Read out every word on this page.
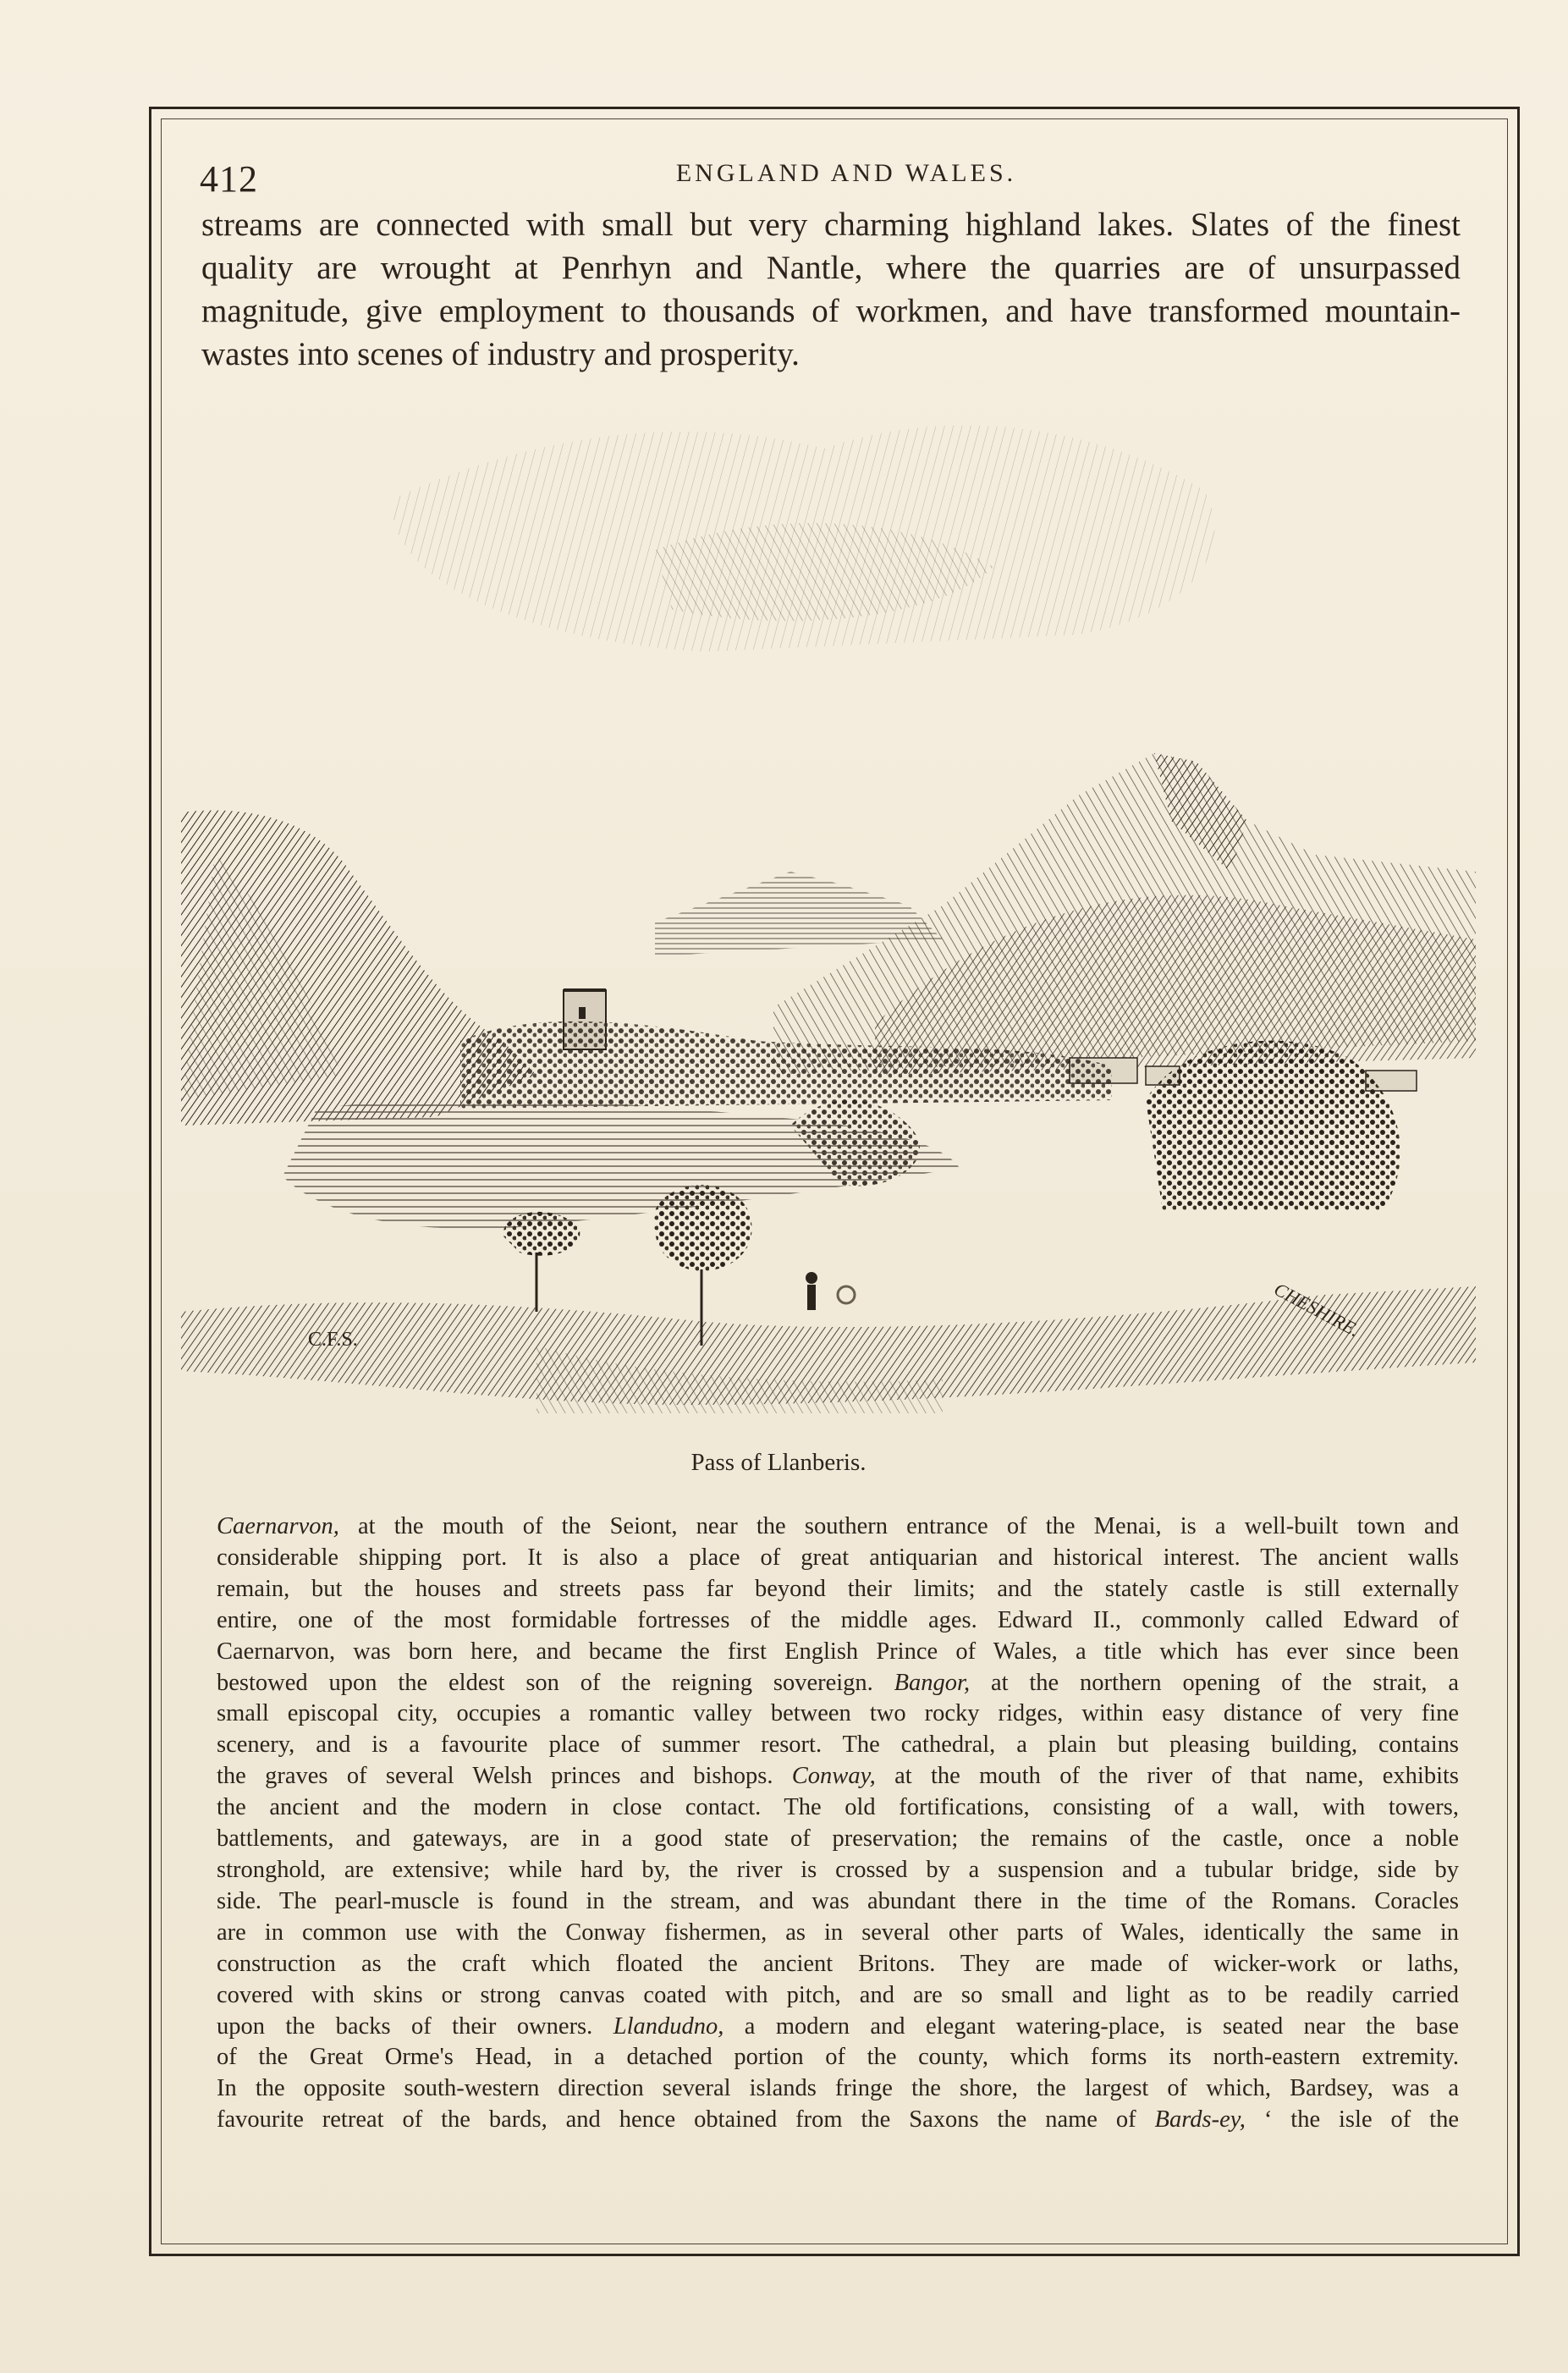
412	ENGLAND AND WALES.
streams are connected with small but very charming highland lakes. Slates of the finest
quality are wrought at Penrhyn and Nantle, where the quarries are of unsurpassed
magnitude, give employment to thousands of workmen, and have transformed mountain-
wastes into scenes of industry and prosperity.
C.F.S.	CHESHIRE.
Pass of Llanberis.
Caernarvon, at the mouth of the Seiont, near the southern entrance of the Menai, is a well-built town and
considerable shipping port. It is also a place of great antiquarian and historical interest. The ancient walls
remain, but the houses and streets pass far beyond their limits; and the stately castle is still externally
entire, one of the most formidable fortresses of the middle ages. Edward II., commonly called Edward of
Caernarvon, was born here, and became the first English Prince of Wales, a title which has ever since been
bestowed upon the eldest son of the reigning sovereign. Bangor, at the northern opening of the strait, a
small episcopal city, occupies a romantic valley between two rocky ridges, within easy distance of very fine
scenery, and is a favourite place of summer resort. The cathedral, a plain but pleasing building, contains
the graves of several Welsh princes and bishops. Conway, at the mouth of the river of that name, exhibits
the ancient and the modern in close contact. The old fortifications, consisting of a wall, with towers,
battlements, and gateways, are in a good state of preservation; the remains of the castle, once a noble
stronghold, are extensive; while hard by, the river is crossed by a suspension and a tubular bridge, side by
side. The pearl-muscle is found in the stream, and was abundant there in the time of the Romans. Coracles
are in common use with the Conway fishermen, as in several other parts of Wales, identically the same in
construction as the craft which floated the ancient Britons. They are made of wicker-work or laths,
covered with skins or strong canvas coated with pitch, and are so small and light as to be readily carried
upon the backs of their owners. Llandudno, a modern and elegant watering-place, is seated near the base
of the Great Orme's Head, in a detached portion of the county, which forms its north-eastern extremity.
In the opposite south-western direction several islands fringe the shore, the largest of which, Bardsey, was a
favourite retreat of the bards, and hence obtained from the Saxons the name of Bards-ey, ‘ the isle of the
